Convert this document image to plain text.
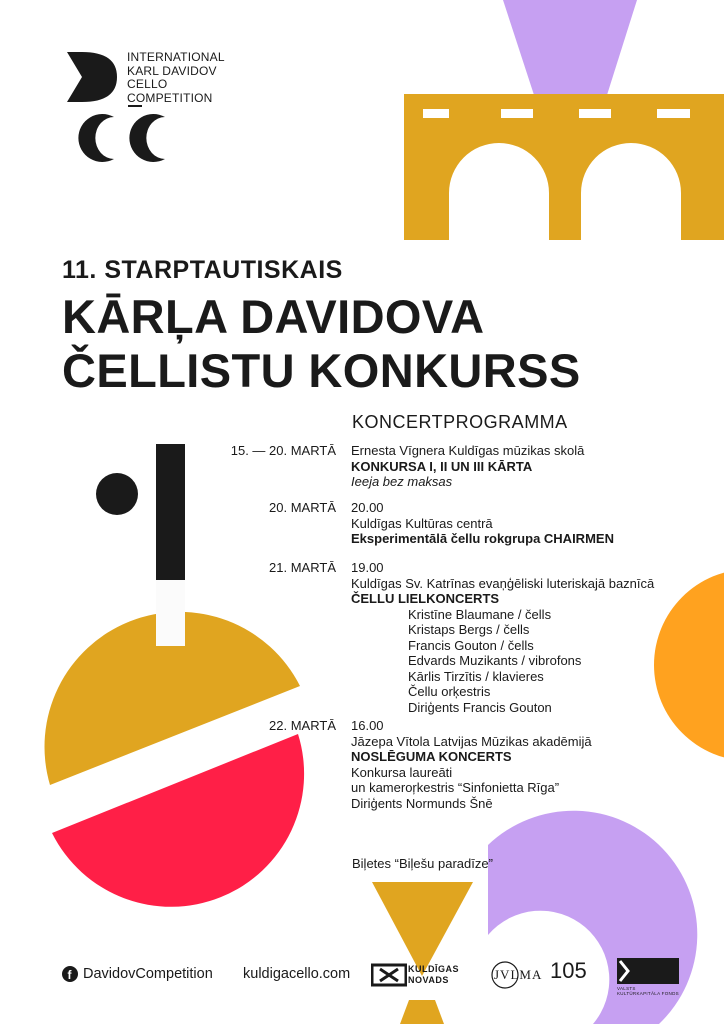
INTERNATIONAL
KARL DAVIDOV
CELLO
COMPETITION
11. STARPTAUTISKAIS
KĀRĻA DAVIDOVA
ČELLISTU KONKURSS
KONCERTPROGRAMMA
15. — 20. MARTĀ Ernesta Vīgnera Kuldīgas mūzikas skolā
KONKURSA I, II UN III KĀRTA
Ieeja bez maksas
20. MARTĀ 20.00
Kuldīgas Kultūras centrā
Eksperimentālā čellu rokgrupa CHAIRMEN
21. MARTĀ 19.00
Kuldīgas Sv. Katrīnas evaņģēliski luteriskajā baznīcā
ČELLU LIELKONCERTS
Kristīne Blaumane / čells
Kristaps Bergs / čells
Francis Gouton / čells
Edvards Muzikants / vibrofons
Kārlis Tirzītis / klavieres
Čellu orķestris
Diriģents Francis Gouton
22. MARTĀ 16.00
Jāzepa Vītola Latvijas Mūzikas akadēmijā
NOSLĒGUMA KONCERTS
Konkursa laureāti
un kameroŗkestris “Sinfonietta Rīga”
Diriģents Normunds Šnē
Biļetes “Biļešu paradīze”
f DavidovCompetition kuldigacello.com	KULDĪGAS
NOVADS	JVLMA 105
VALSTS
KULTŪRKAPITĀLA FONDS
